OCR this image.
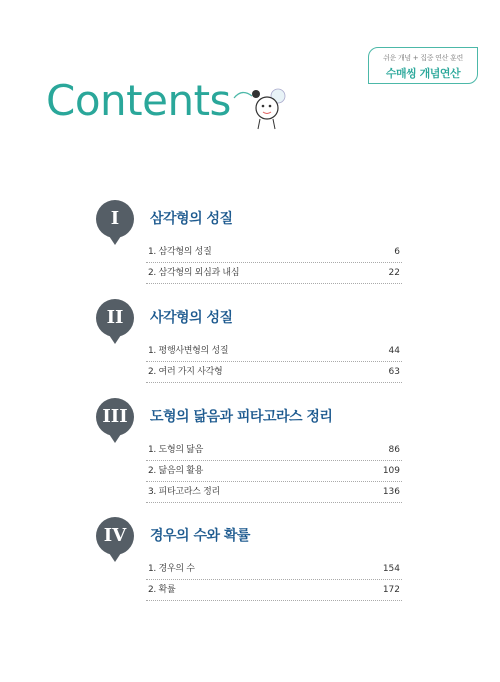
쉬운 개념 + 집중 연산 훈련
수매씽 개념연산
Contents
I	삼각형의 성질
1. 삼각형의 성질	6
2. 삼각형의 외심과 내심	22
II	사각형의 성질
1. 평행사변형의 성질	44
2. 여러 가지 사각형	63
III	도형의 닮음과 피타고라스 정리
1. 도형의 닮음	86
2. 닮음의 활용	109
3. 피타고라스 정리	136
IV	경우의 수와 확률
1. 경우의 수	154
2. 확률	172
